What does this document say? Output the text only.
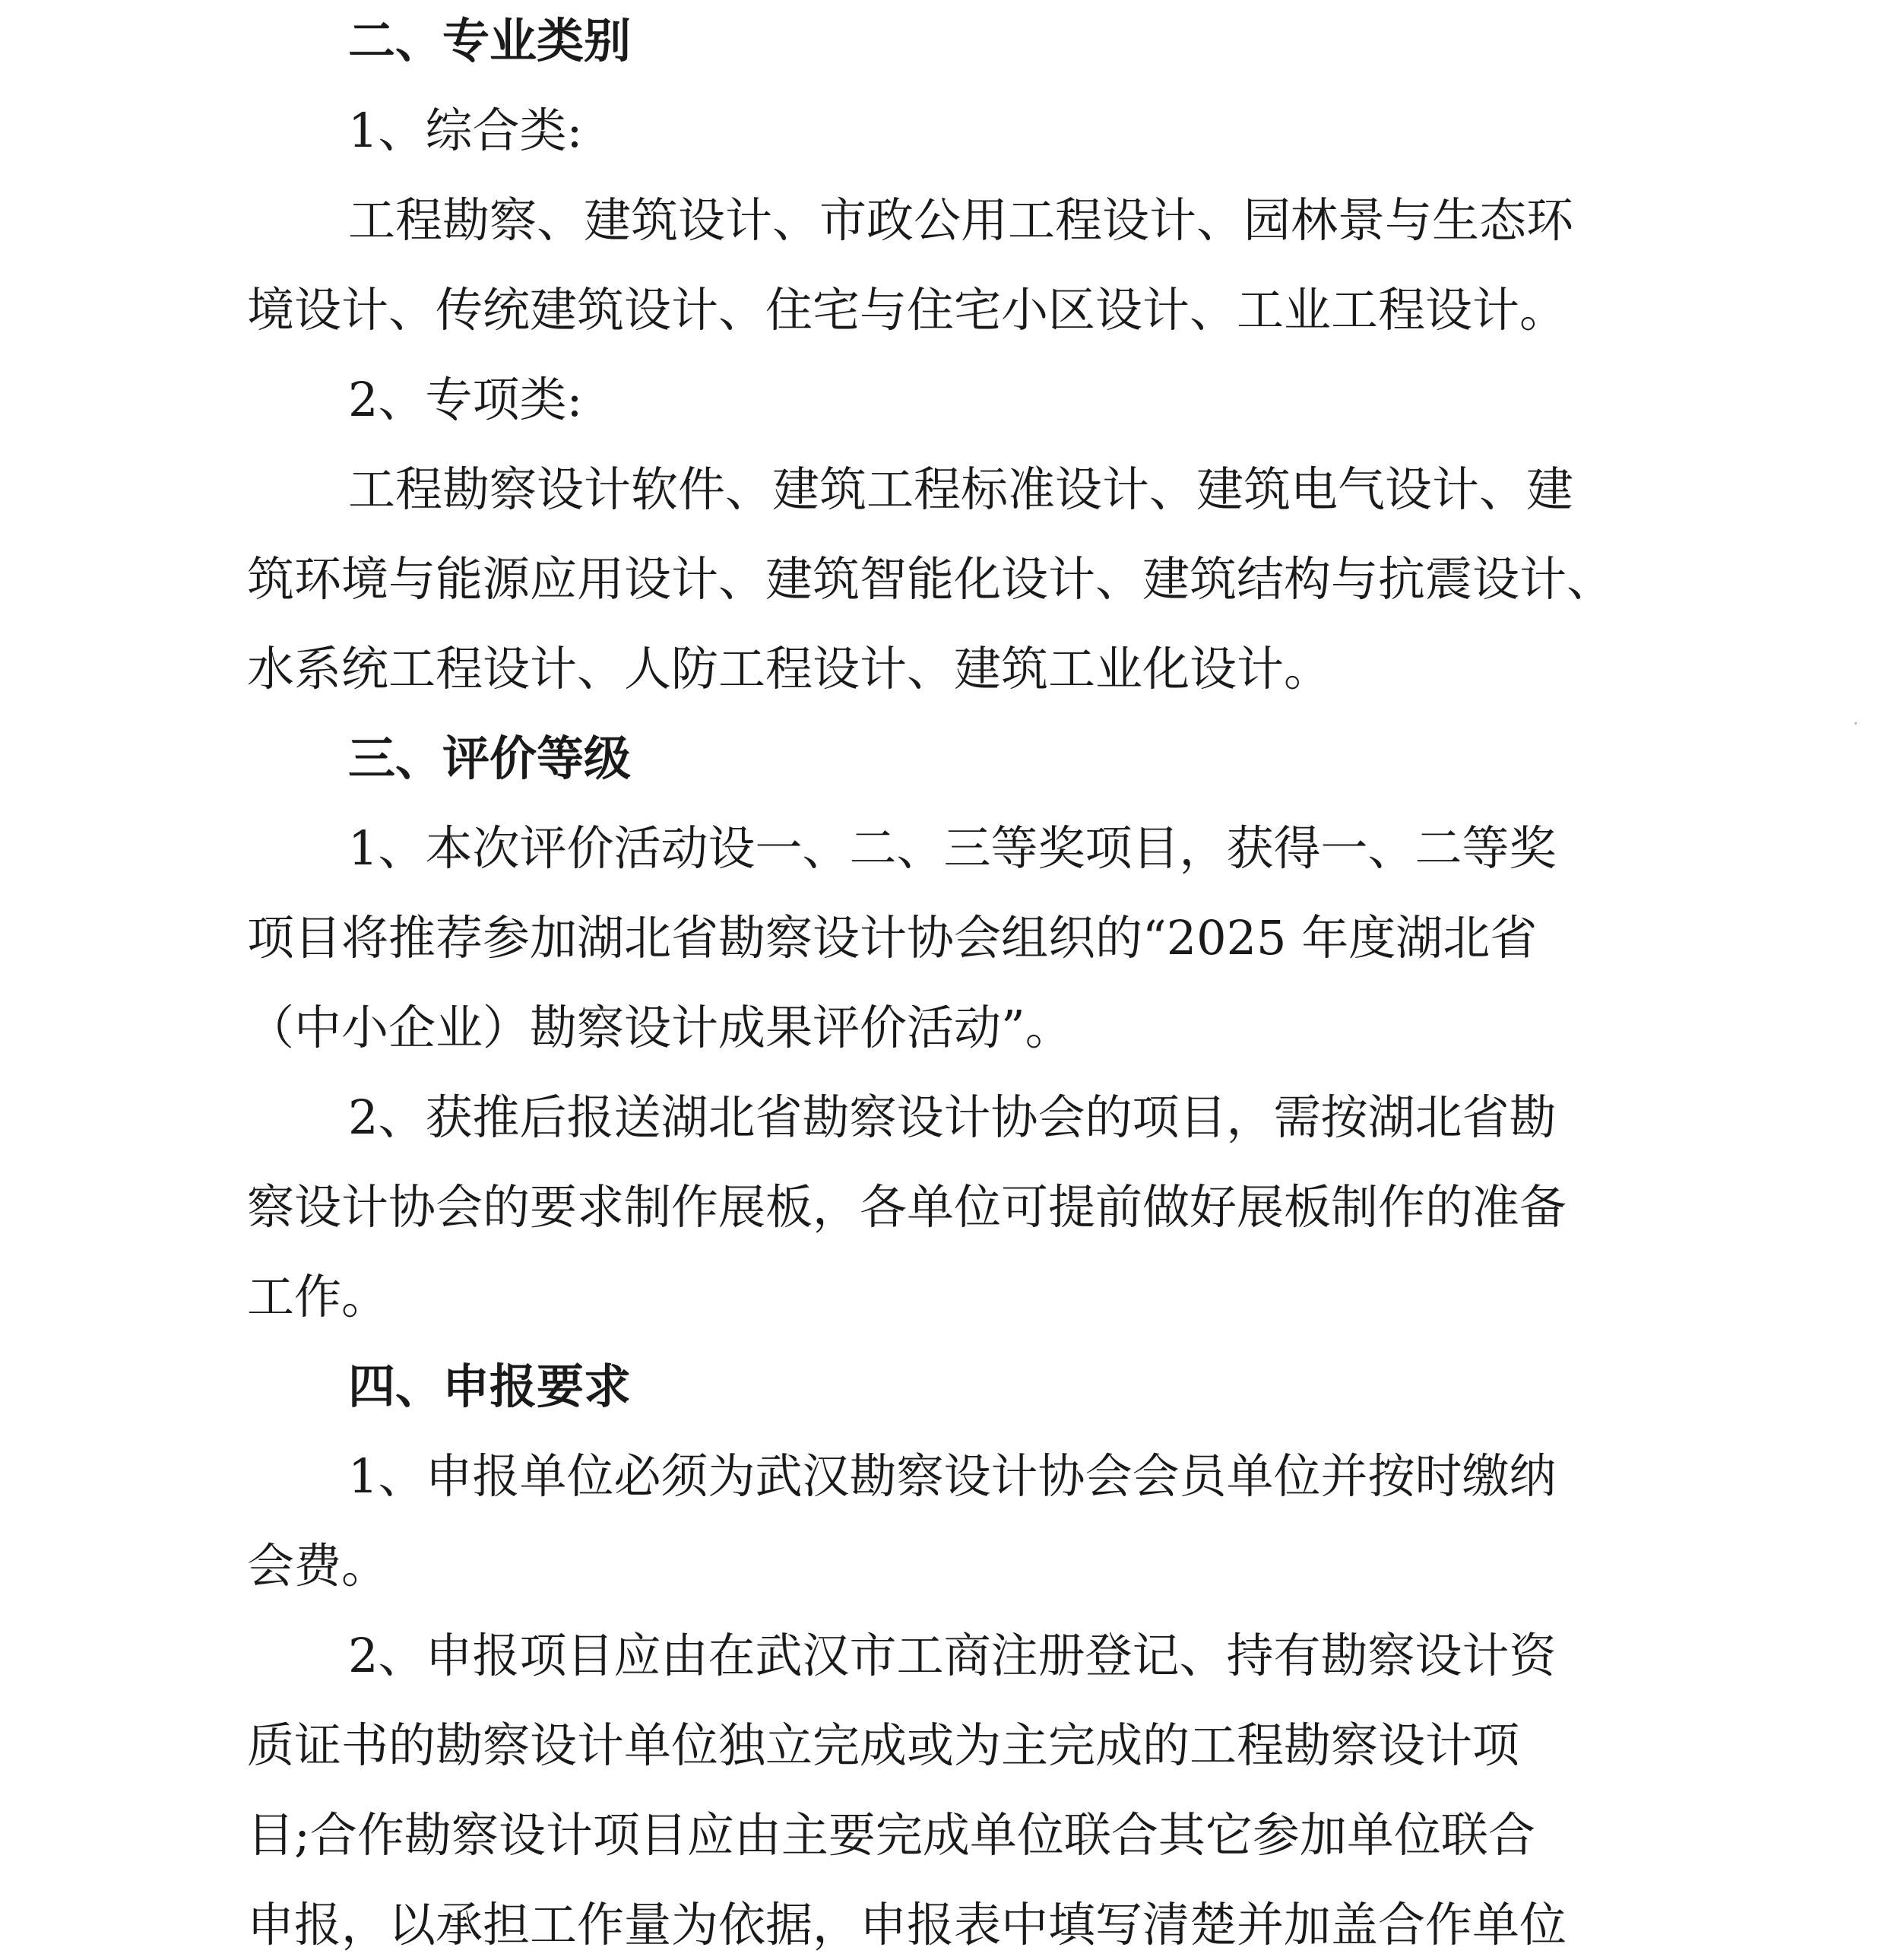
二、专业类别
1、综合类:
工程勘察、建筑设计、市政公用工程设计、园林景与生态环
境设计、传统建筑设计、住宅与住宅小区设计、工业工程设计。
2、专项类:
工程勘察设计软件、建筑工程标准设计、建筑电气设计、建
筑环境与能源应用设计、建筑智能化设计、建筑结构与抗震设计、
水系统工程设计、人防工程设计、建筑工业化设计。
三、评价等级
1、本次评价活动设一、二、三等奖项目，获得一、二等奖
项目将推荐参加湖北省勘察设计协会组织的“2025 年度湖北省
（中小企业）勘察设计成果评价活动”。
2、获推后报送湖北省勘察设计协会的项目，需按湖北省勘
察设计协会的要求制作展板，各单位可提前做好展板制作的准备
工作。
四、申报要求
1、申报单位必须为武汉勘察设计协会会员单位并按时缴纳
会费。
2、申报项目应由在武汉市工商注册登记、持有勘察设计资
质证书的勘察设计单位独立完成或为主完成的工程勘察设计项
目;合作勘察设计项目应由主要完成单位联合其它参加单位联合
申报，以承担工作量为依据，申报表中填写清楚并加盖合作单位
